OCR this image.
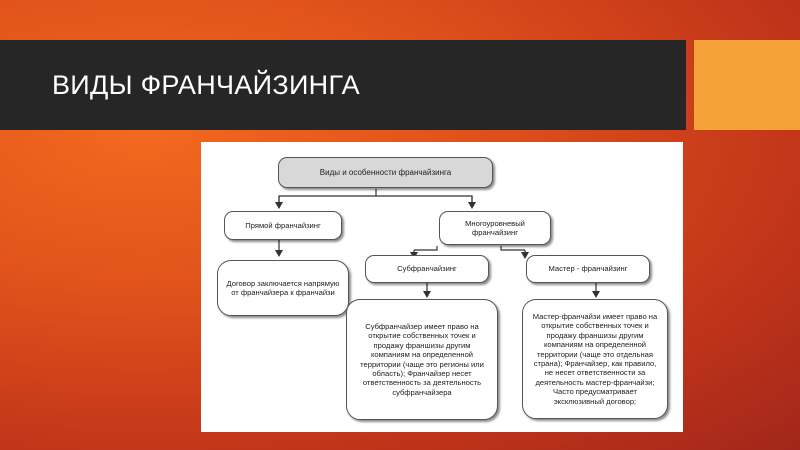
ВИДЫ ФРАНЧАЙЗИНГА
Виды и особенности франчайзинга
Прямой франчайзинг	Многоуровневый франчайзинг
Договор заключается напрямую от франчайзера к франчайзи
Субфранчайзинг	Мастер - франчайзинг
Субфранчайзер имеет право на открытие собственных точек и продажу франшизы другим компаниям на определенной территории (чаще это регионы или область); Франчайзер несет ответственность за деятельность субфранчайзера
Мастер-франчайзи имеет право на открытие собственных точек и продажу франшизы другим компаниям на определенной территории (чаще это отдельная страна); Франчайзер, как правило, не несет ответственности за деятельность мастер-франчайзи; Часто предусматривает эксклюзивный договор;
